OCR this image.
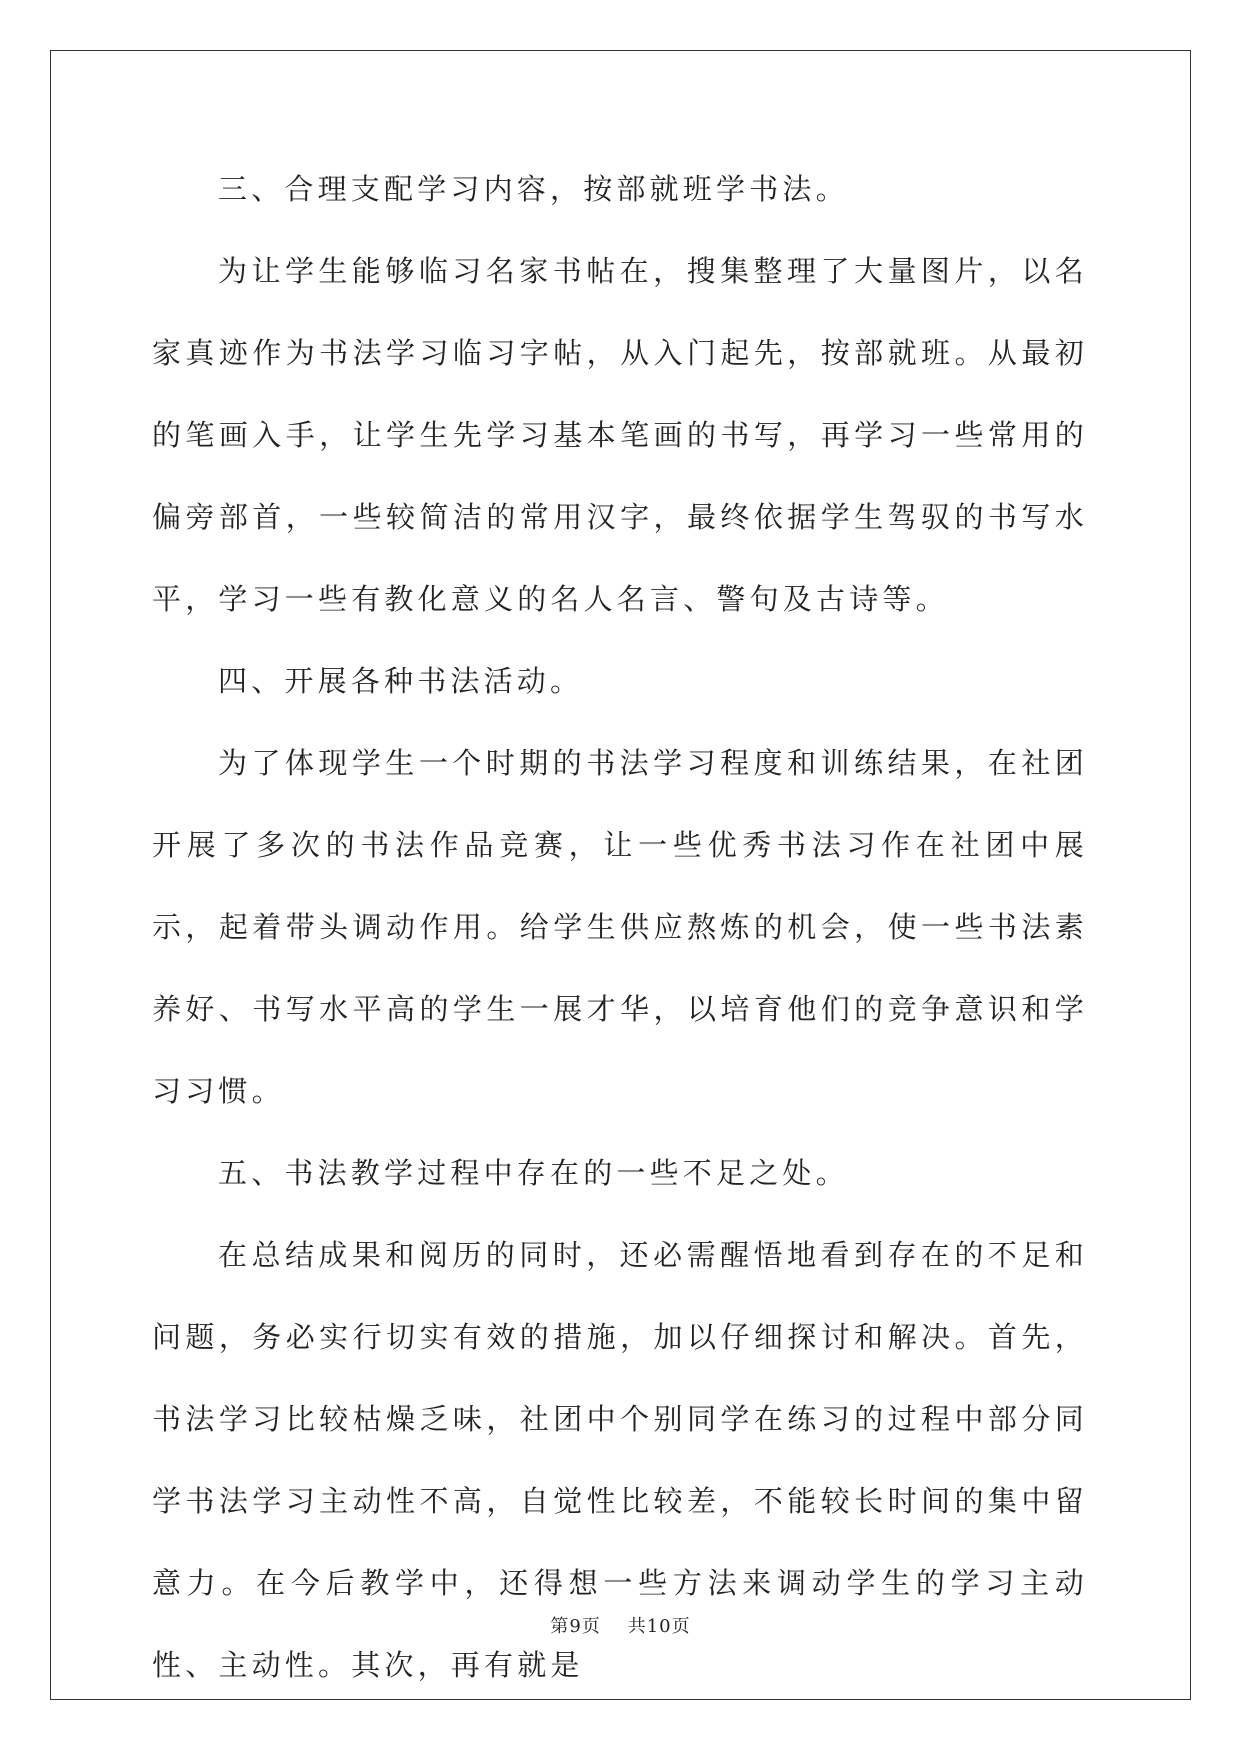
三、合理支配学习内容，按部就班学书法。

为让学生能够临习名家书帖在，搜集整理了大量图片，以名家真迹作为书法学习临习字帖，从入门起先，按部就班。从最初的笔画入手，让学生先学习基本笔画的书写，再学习一些常用的偏旁部首，一些较简洁的常用汉字，最终依据学生驾驭的书写水平，学习一些有教化意义的名人名言、警句及古诗等。

四、开展各种书法活动。

为了体现学生一个时期的书法学习程度和训练结果，在社团开展了多次的书法作品竞赛，让一些优秀书法习作在社团中展示，起着带头调动作用。给学生供应熬炼的机会，使一些书法素养好、书写水平高的学生一展才华，以培育他们的竞争意识和学习习惯。

五、书法教学过程中存在的一些不足之处。

在总结成果和阅历的同时，还必需醒悟地看到存在的不足和问题，务必实行切实有效的措施，加以仔细探讨和解决。首先，书法学习比较枯燥乏味，社团中个别同学在练习的过程中部分同学书法学习主动性不高，自觉性比较差，不能较长时间的集中留意力。在今后教学中，还得想一些方法来调动学生的学习主动性、主动性。其次，再有就是

第9页 共10页
